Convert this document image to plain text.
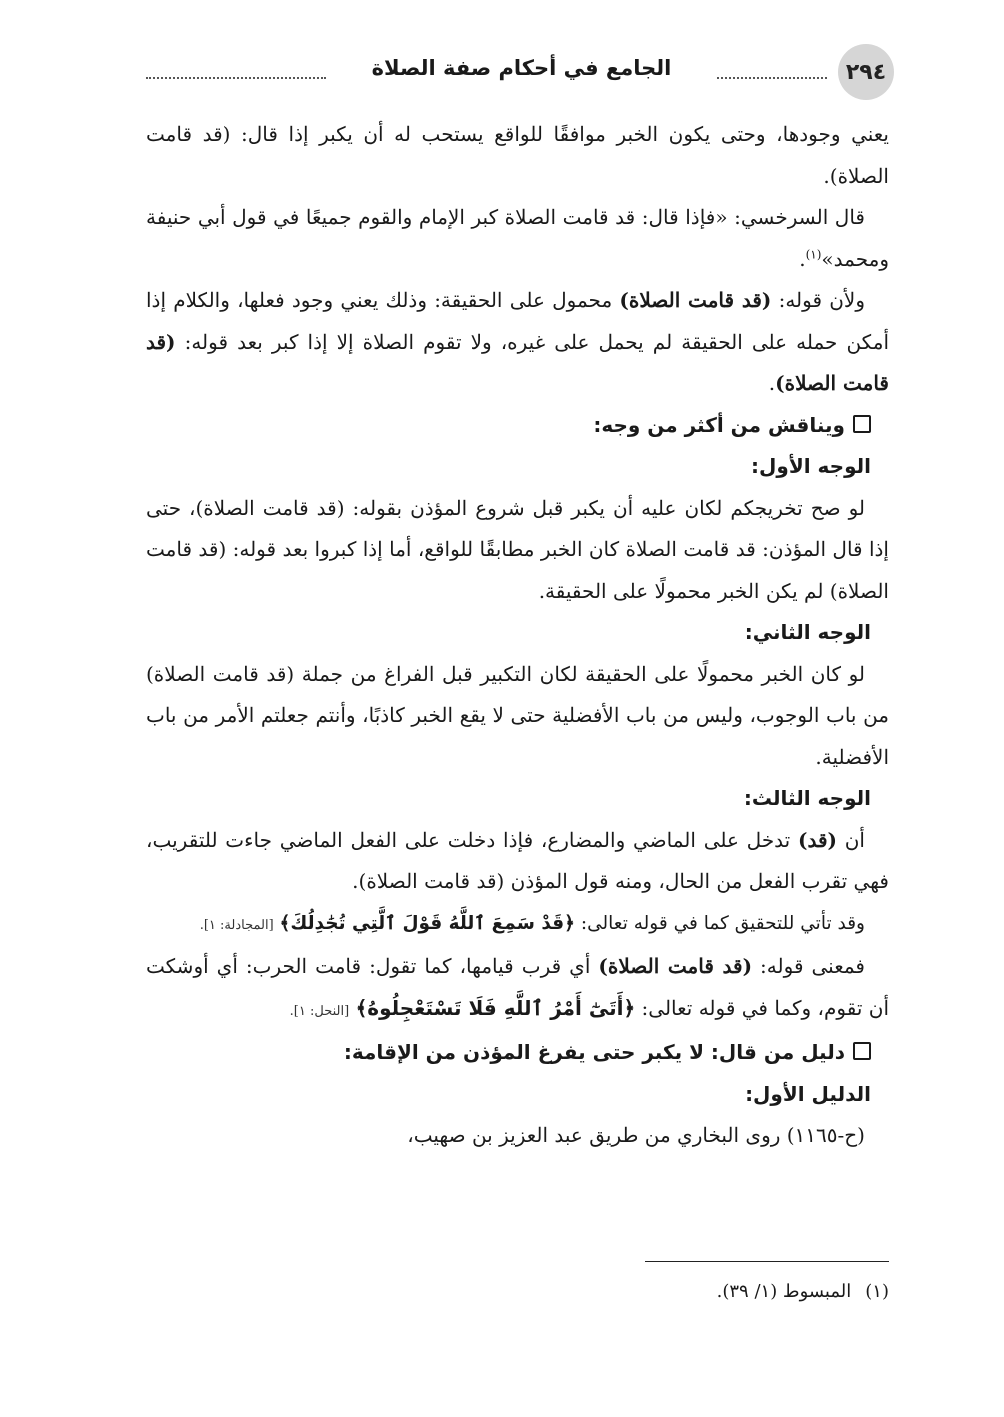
٢٩٤
الجامع في أحكام صفة الصلاة

يعني وجودها، وحتى يكون الخبر موافقًا للواقع يستحب له أن يكبر إذا قال: (قد قامت الصلاة).

قال السرخسي: «فإذا قال: قد قامت الصلاة كبر الإمام والقوم جميعًا في قول أبي حنيفة ومحمد»$^{(١)}$.

ولأن قوله: (قد قامت الصلاة) محمول على الحقيقة: وذلك يعني وجود فعلها، والكلام إذا أمكن حمله على الحقيقة لم يحمل على غيره، ولا تقوم الصلاة إلا إذا كبر بعد قوله: (قد قامت الصلاة).

ويناقش من أكثر من وجه:

الوجه الأول:

لو صح تخريجكم لكان عليه أن يكبر قبل شروع المؤذن بقوله: (قد قامت الصلاة)، حتى إذا قال المؤذن: قد قامت الصلاة كان الخبر مطابقًا للواقع، أما إذا كبروا بعد قوله: (قد قامت الصلاة) لم يكن الخبر محمولًا على الحقيقة.

الوجه الثاني:

لو كان الخبر محمولًا على الحقيقة لكان التكبير قبل الفراغ من جملة (قد قامت الصلاة) من باب الوجوب، وليس من باب الأفضلية حتى لا يقع الخبر كاذبًا، وأنتم جعلتم الأمر من باب الأفضلية.

الوجه الثالث:

أن (قد) تدخل على الماضي والمضارع، فإذا دخلت على الفعل الماضي جاءت للتقريب، فهي تقرب الفعل من الحال، ومنه قول المؤذن (قد قامت الصلاة).

وقد تأتي للتحقيق كما في قوله تعالى: ﴿قَدْ سَمِعَ ٱللَّهُ قَوْلَ ٱلَّتِي تُجَٰدِلُكَ﴾ [المجادلة: ١].

فمعنى قوله: (قد قامت الصلاة) أي قرب قيامها، كما تقول: قامت الحرب: أي أوشكت أن تقوم، وكما في قوله تعالى: ﴿أَتَىٰٓ أَمْرُ ٱللَّهِ فَلَا تَسْتَعْجِلُوهُ﴾ [النحل: ١].

دليل من قال: لا يكبر حتى يفرغ المؤذن من الإقامة:

الدليل الأول:

(ح-١١٦٥) روى البخاري من طريق عبد العزيز بن صهيب،

(١)المبسوط (١/ ٣٩).
